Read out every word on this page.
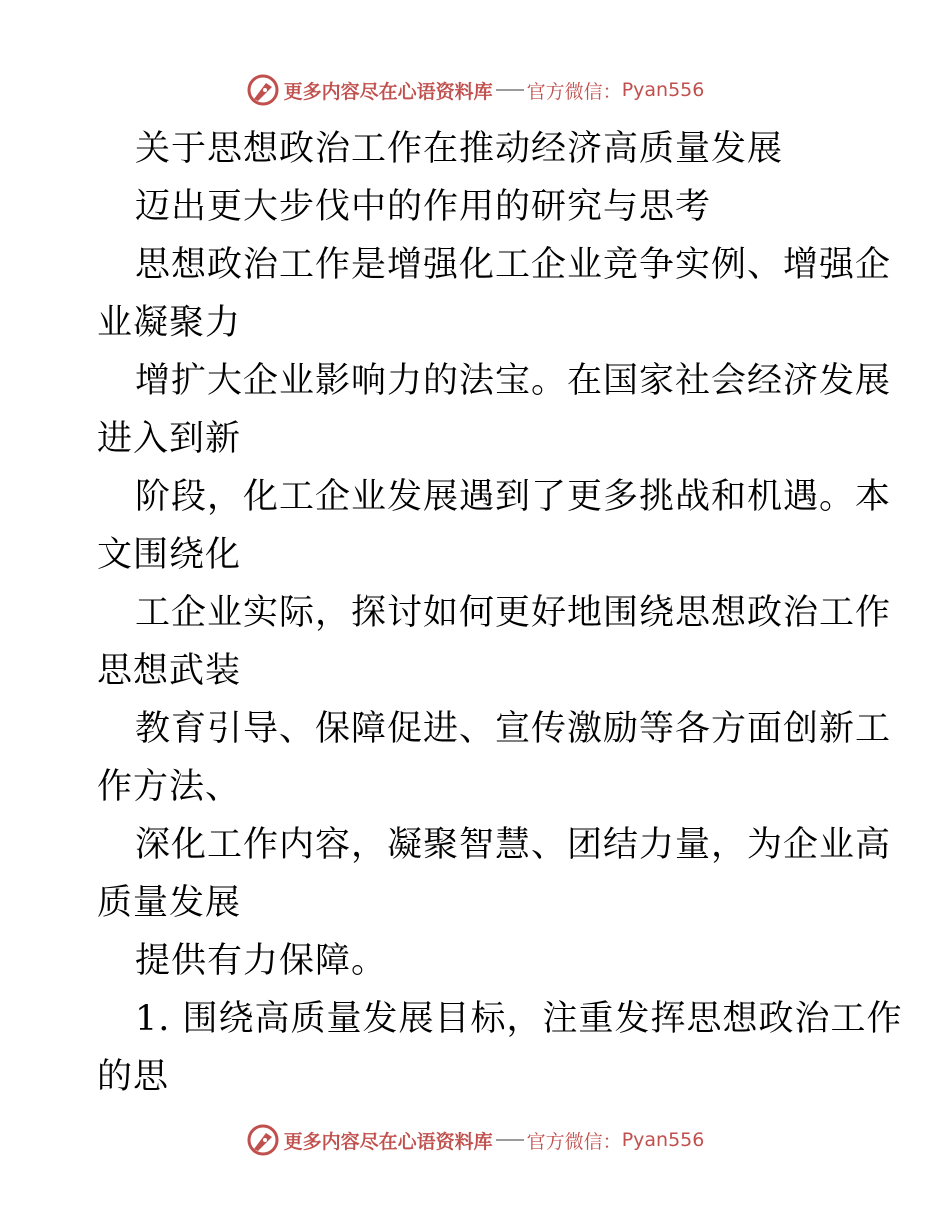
更多内容尽在心语资料库 官方微信： Pyan556
关于思想政治工作在推动经济高质量发展
迈出更大步伐中的作用的研究与思考
思想政治工作是增强化工企业竞争实例、增强企
业凝聚力
增扩大企业影响力的法宝。在国家社会经济发展
进入到新
阶段，化工企业发展遇到了更多挑战和机遇。本
文围绕化
工企业实际，探讨如何更好地围绕思想政治工作
思想武装
教育引导、保障促进、宣传激励等各方面创新工
作方法、
深化工作内容，凝聚智慧、团结力量，为企业高
质量发展
提供有力保障。
1. 围绕高质量发展目标，注重发挥思想政治工作
的思
更多内容尽在心语资料库 官方微信： Pyan556
